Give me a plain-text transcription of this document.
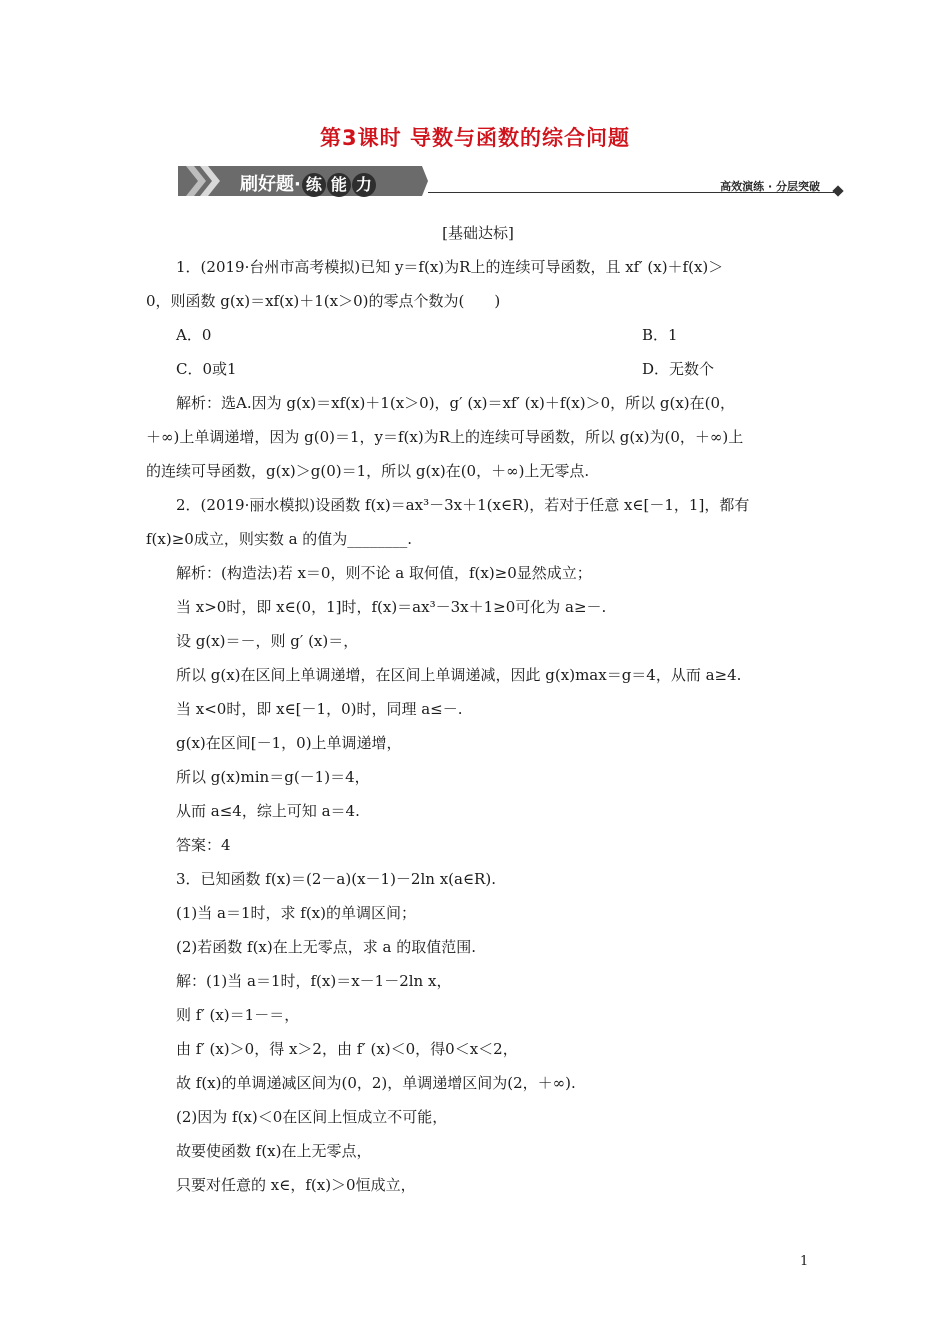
第3课时 导数与函数的综合问题
刷好题· 练 能 力	高效演练 · 分层突破
[基础达标]
1．(2019·台州市高考模拟)已知 y＝f(x)为R上的连续可导函数，且 xf′ (x)＋f(x)＞
0，则函数 g(x)＝xf(x)＋1(x＞0)的零点个数为(　　)
A．0	B．1
C．0或1	D．无数个
解析：选A.因为 g(x)＝xf(x)＋1(x＞0)，g′ (x)＝xf′ (x)＋f(x)＞0，所以 g(x)在(0，
＋∞)上单调递增，因为 g(0)＝1，y＝f(x)为R上的连续可导函数，所以 g(x)为(0，＋∞)上
的连续可导函数，g(x)＞g(0)＝1，所以 g(x)在(0，＋∞)上无零点.
2．(2019·丽水模拟)设函数 f(x)＝ax³－3x＋1(x∈R)，若对于任意 x∈[－1，1]，都有
f(x)≥0成立，则实数 a 的值为________.
解析：(构造法)若 x＝0，则不论 a 取何值，f(x)≥0显然成立；
当 x>0时，即 x∈(0，1]时，f(x)＝ax³－3x＋1≥0可化为 a≥－.
设 g(x)＝－，则 g′ (x)＝，
所以 g(x)在区间上单调递增，在区间上单调递减，因此 g(x)max＝g＝4，从而 a≥4.
当 x<0时，即 x∈[－1，0)时，同理 a≤－.
g(x)在区间[－1，0)上单调递增，
所以 g(x)min＝g(－1)＝4，
从而 a≤4，综上可知 a＝4.
答案：4
3．已知函数 f(x)＝(2－a)(x－1)－2ln x(a∈R).
(1)当 a＝1时，求 f(x)的单调区间；
(2)若函数 f(x)在上无零点，求 a 的取值范围.
解：(1)当 a＝1时，f(x)＝x－1－2ln x，
则 f′ (x)＝1－＝，
由 f′ (x)＞0，得 x＞2，由 f′ (x)＜0，得0＜x＜2，
故 f(x)的单调递减区间为(0，2)，单调递增区间为(2，＋∞).
(2)因为 f(x)＜0在区间上恒成立不可能，
故要使函数 f(x)在上无零点，
只要对任意的 x∈，f(x)＞0恒成立，
1
